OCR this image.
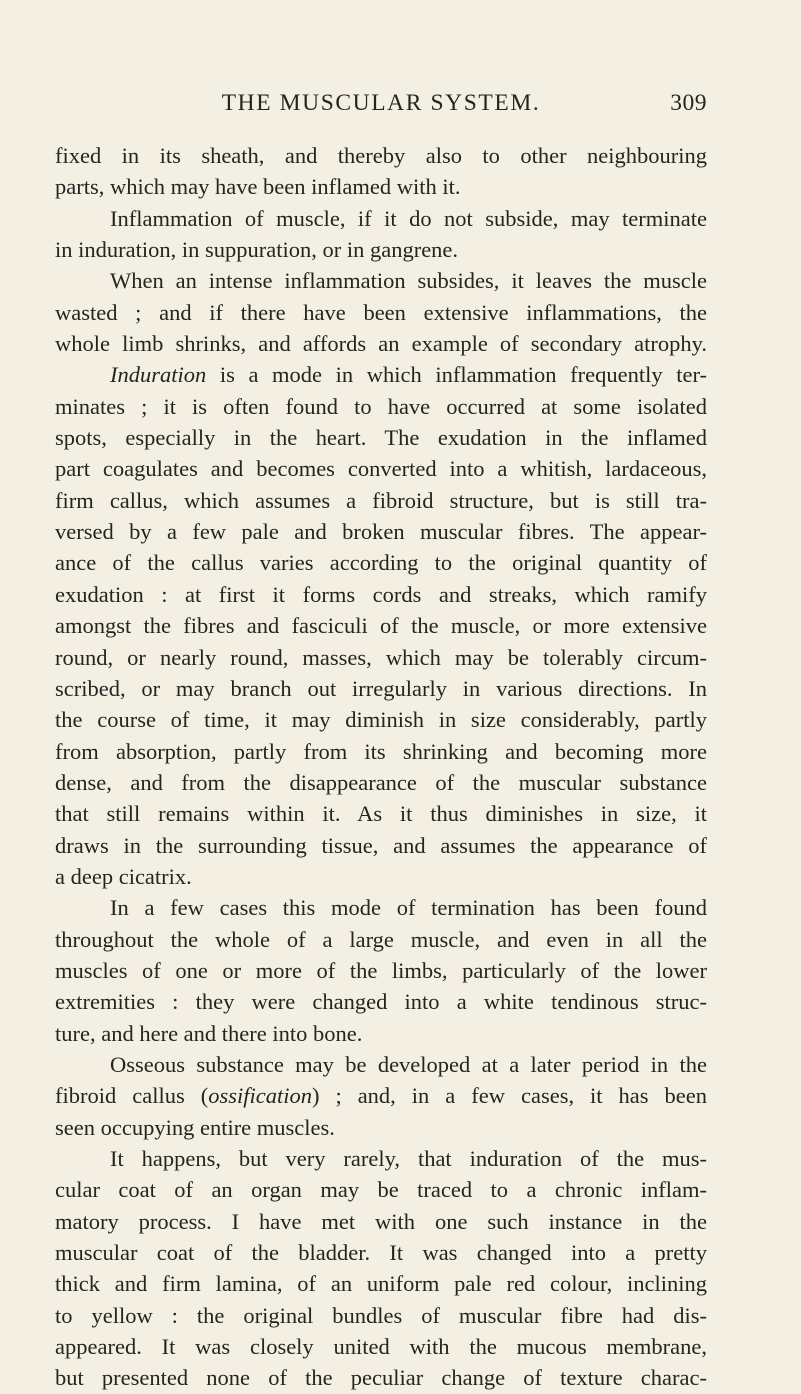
THE MUSCULAR SYSTEM.	309
fixed in its sheath, and thereby also to other neighbouring
parts, which may have been inflamed with it.
Inflammation of muscle, if it do not subside, may terminate
in induration, in suppuration, or in gangrene.
When an intense inflammation subsides, it leaves the muscle
wasted ; and if there have been extensive inflammations, the
whole limb shrinks, and affords an example of secondary atrophy.
Induration is a mode in which inflammation frequently ter-
minates ; it is often found to have occurred at some isolated
spots, especially in the heart. The exudation in the inflamed
part coagulates and becomes converted into a whitish, lardaceous,
firm callus, which assumes a fibroid structure, but is still tra-
versed by a few pale and broken muscular fibres. The appear-
ance of the callus varies according to the original quantity of
exudation : at first it forms cords and streaks, which ramify
amongst the fibres and fasciculi of the muscle, or more extensive
round, or nearly round, masses, which may be tolerably circum-
scribed, or may branch out irregularly in various directions. In
the course of time, it may diminish in size considerably, partly
from absorption, partly from its shrinking and becoming more
dense, and from the disappearance of the muscular substance
that still remains within it. As it thus diminishes in size, it
draws in the surrounding tissue, and assumes the appearance of
a deep cicatrix.
In a few cases this mode of termination has been found
throughout the whole of a large muscle, and even in all the
muscles of one or more of the limbs, particularly of the lower
extremities : they were changed into a white tendinous struc-
ture, and here and there into bone.
Osseous substance may be developed at a later period in the
fibroid callus (ossification) ; and, in a few cases, it has been
seen occupying entire muscles.
It happens, but very rarely, that induration of the mus-
cular coat of an organ may be traced to a chronic inflam-
matory process. I have met with one such instance in the
muscular coat of the bladder. It was changed into a pretty
thick and firm lamina, of an uniform pale red colour, inclining
to yellow : the original bundles of muscular fibre had dis-
appeared. It was closely united with the mucous membrane,
but presented none of the peculiar change of texture charac-
